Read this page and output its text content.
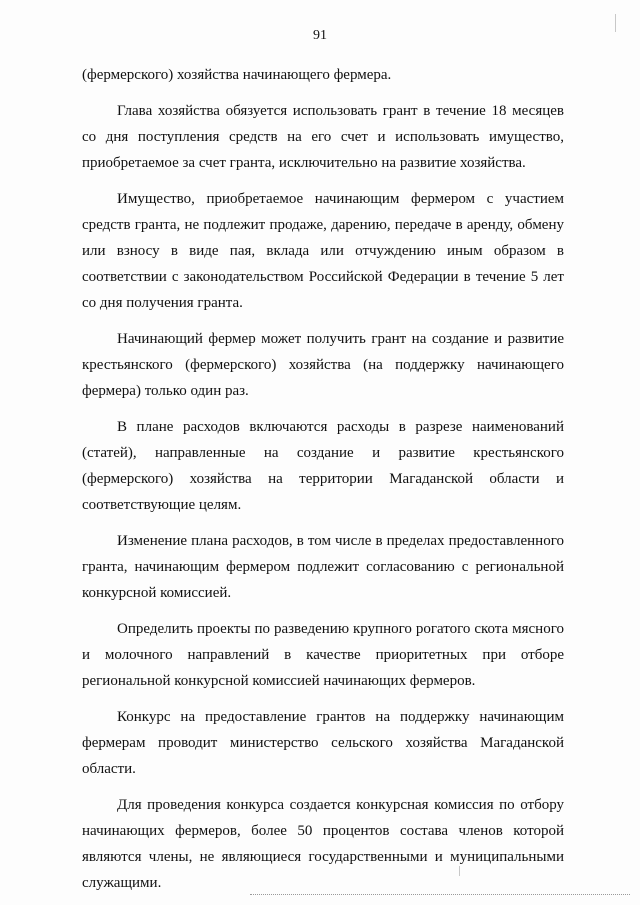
91

(фермерского) хозяйства начинающего фермера.

Глава хозяйства обязуется использовать грант в течение 18 месяцев со дня поступления средств на его счет и использовать имущество, приобретаемое за счет гранта, исключительно на развитие хозяйства.

Имущество, приобретаемое начинающим фермером с участием средств гранта, не подлежит продаже, дарению, передаче в аренду, обмену или взносу в виде пая, вклада или отчуждению иным образом в соответствии с законодательством Российской Федерации в течение 5 лет со дня получения гранта.

Начинающий фермер может получить грант на создание и развитие крестьянского (фермерского) хозяйства (на поддержку начинающего фермера) только один раз.

В плане расходов включаются расходы в разрезе наименований (статей), направленные на создание и развитие крестьянского (фермерского) хозяйства на территории Магаданской области и соответствующие целям.

Изменение плана расходов, в том числе в пределах предоставленного гранта, начинающим фермером подлежит согласованию с региональной конкурсной комиссией.

Определить проекты по разведению крупного рогатого скота мясного и молочного направлений в качестве приоритетных при отборе региональной конкурсной комиссией начинающих фермеров.

Конкурс на предоставление грантов на поддержку начинающим фермерам проводит министерство сельского хозяйства Магаданской области.

Для проведения конкурса создается конкурсная комиссия по отбору начинающих фермеров, более 50 процентов состава членов которой являются члены, не являющиеся государственными и муниципальными служащими.
